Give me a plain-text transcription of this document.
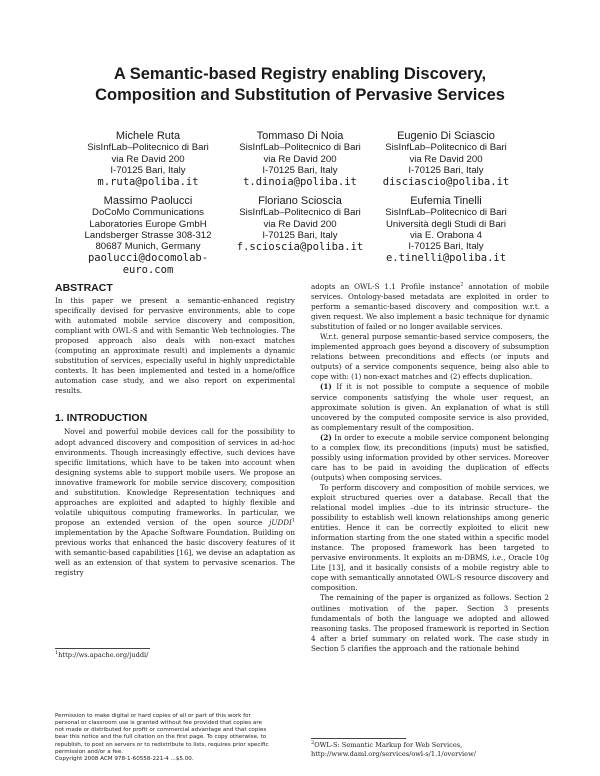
A Semantic-based Registry enabling Discovery,
Composition and Substitution of Pervasive Services
Michele Ruta
SisInfLab–Politecnico di Bari
via Re David 200
I-70125 Bari, Italy
m.ruta@poliba.it
Tommaso Di Noia
SisInfLab–Politecnico di Bari
via Re David 200
I-70125 Bari, Italy
t.dinoia@poliba.it
Eugenio Di Sciascio
SisInfLab–Politecnico di Bari
via Re David 200
I-70125 Bari, Italy
disciascio@poliba.it
Massimo Paolucci
DoCoMo Communications
Laboratories Europe GmbH
Landsberger Strasse 308-312
80687 Munich, Germany
paolucci@docomolab-
euro.com
Floriano Scioscia
SisInfLab–Politecnico di Bari
via Re David 200
I-70125 Bari, Italy
f.scioscia@poliba.it
Eufemia Tinelli
SisInfLab–Politecnico di Bari
Università degli Studi di Bari
via E. Orabona 4
I-70125 Bari, Italy
e.tinelli@poliba.it
ABSTRACT

In this paper we present a semantic-enhanced registry specifically devised for pervasive environments, able to cope with automated mobile service discovery and composition, compliant with OWL-S and with Semantic Web technologies. The proposed approach also deals with non-exact matches (computing an approximate result) and implements a dynamic substitution of services, especially useful in highly unpredictable contexts. It has been implemented and tested in a home/office automation case study, and we also report on experimental results.

1. INTRODUCTION

Novel and powerful mobile devices call for the possibility to adopt advanced discovery and composition of services in ad-hoc environments. Though increasingly effective, such devices have specific limitations, which have to be taken into account when designing systems able to support mobile users. We propose an innovative framework for mobile service discovery, composition and substitution. Knowledge Representation techniques and approaches are exploited and adapted to highly flexible and volatile ubiquitous computing frameworks. In particular, we propose an extended version of the open source jUDDI$^1$ implementation by the Apache Software Foundation. Building on previous works that enhanced the basic discovery features of it with semantic-based capabilities [16], we devise an adaptation as well as an extension of that system to pervasive scenarios. The registry

$^1$http://ws.apache.org/juddi/

Permission to make digital or hard copies of all or part of this work for

personal or classroom use is granted without fee provided that copies are

not made or distributed for profit or commercial advantage and that copies

bear this notice and the full citation on the first page. To copy otherwise, to

republish, to post on servers or to redistribute to lists, requires prior specific

permission and/or a fee.

Copyright 2008 ACM 978-1-60558-221-4 ...$5.00.

adopts an OWL-S 1.1 Profile instance$^2$ annotation of mobile services. Ontology-based metadata are exploited in order to perform a semantic-based discovery and composition w.r.t. a given request. We also implement a basic technique for dynamic substitution of failed or no longer available services.

W.r.t. general purpose semantic-based service composers, the implemented approach goes beyond a discovery of subsumption relations between preconditions and effects (or inputs and outputs) of a service components sequence, being also able to cope with: (1) non-exact matches and (2) effects duplication.

(1) If it is not possible to compute a sequence of mobile service components satisfying the whole user request, an approximate solution is given. An explanation of what is still uncovered by the computed composite service is also provided, as complementary result of the composition.

(2) In order to execute a mobile service component belonging to a complex flow, its preconditions (inputs) must be satisfied, possibly using information provided by other services. Moreover care has to be paid in avoiding the duplication of effects (outputs) when composing services.

To perform discovery and composition of mobile services, we exploit structured queries over a database. Recall that the relational model implies –due to its intrinsic structure– the possibility to establish well known relationships among generic entities. Hence it can be correctly exploited to elicit new information starting from the one stated within a specific model instance. The proposed framework has been targeted to pervasive environments. It exploits an m-DBMS, i.e., Oracle 10g Lite [13], and it basically consists of a mobile registry able to cope with semantically annotated OWL-S resource discovery and composition.

The remaining of the paper is organized as follows. Section 2 outlines motivation of the paper. Section 3 presents fundamentals of both the language we adopted and allowed reasoning tasks. The proposed framework is reported in Section 4 after a brief summary on related work. The case study in Section 5 clarifies the approach and the rationale behind

$^2$OWL-S: Semantic Markup for Web Services,
http://www.daml.org/services/owl-s/1.1/overview/
